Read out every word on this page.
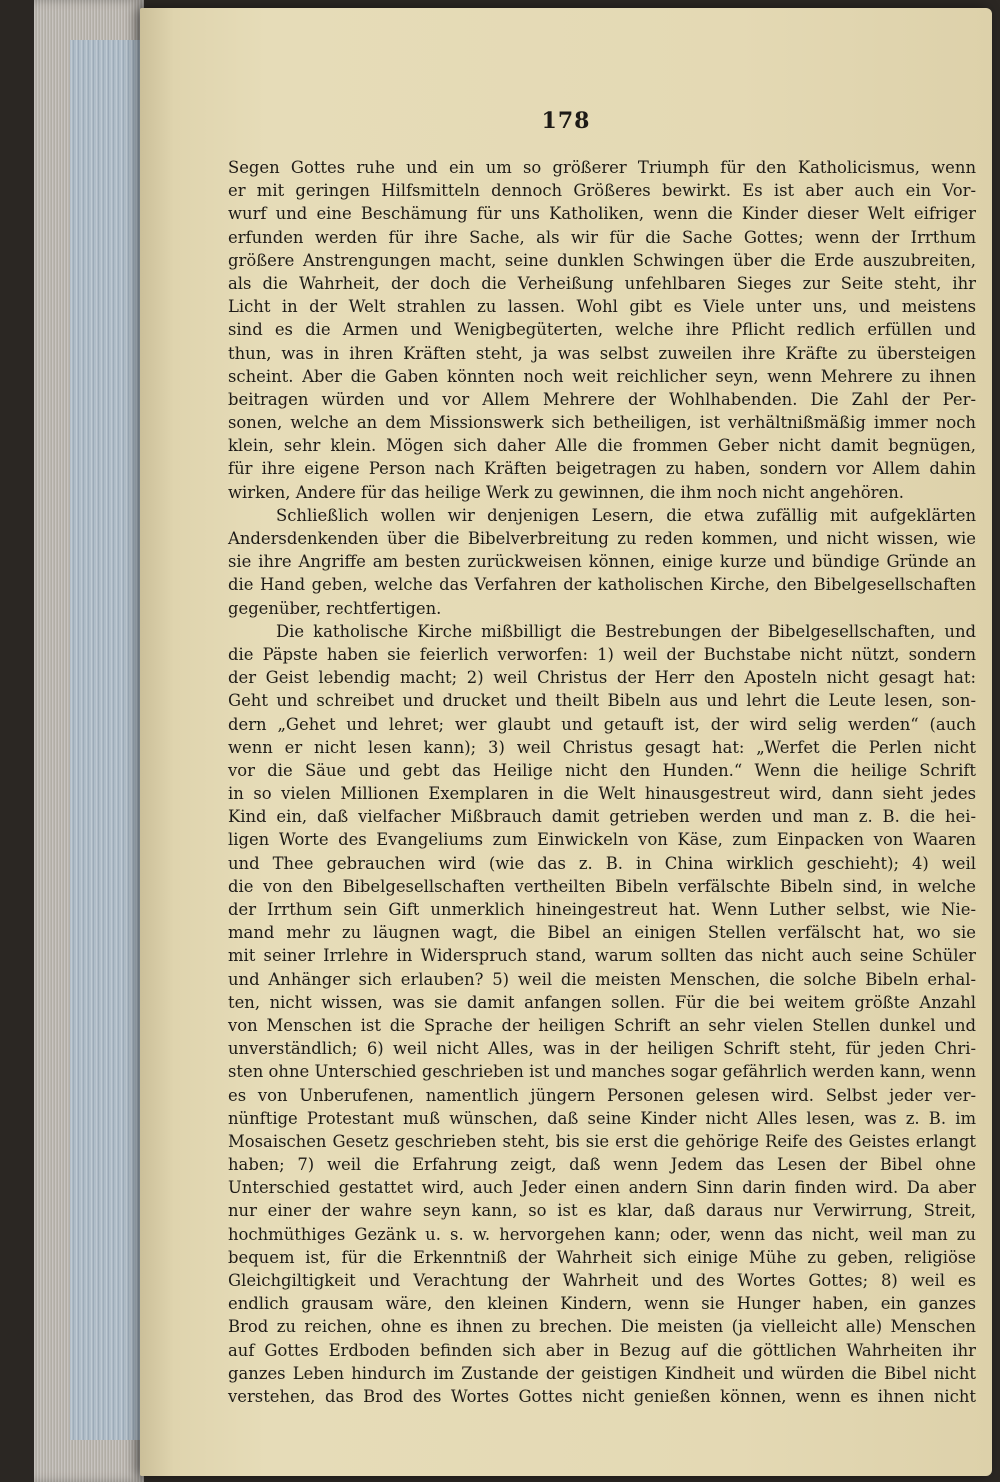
178
Segen Gottes ruhe und ein um so größerer Triumph für den Katholicismus, wenn
er mit geringen Hilfsmitteln dennoch Größeres bewirkt. Es ist aber auch ein Vor-
wurf und eine Beschämung für uns Katholiken, wenn die Kinder dieser Welt eifriger
erfunden werden für ihre Sache, als wir für die Sache Gottes; wenn der Irrthum
größere Anstrengungen macht, seine dunklen Schwingen über die Erde auszubreiten,
als die Wahrheit, der doch die Verheißung unfehlbaren Sieges zur Seite steht, ihr
Licht in der Welt strahlen zu lassen. Wohl gibt es Viele unter uns, und meistens
sind es die Armen und Wenigbegüterten, welche ihre Pflicht redlich erfüllen und
thun, was in ihren Kräften steht, ja was selbst zuweilen ihre Kräfte zu übersteigen
scheint. Aber die Gaben könnten noch weit reichlicher seyn, wenn Mehrere zu ihnen
beitragen würden und vor Allem Mehrere der Wohlhabenden. Die Zahl der Per-
sonen, welche an dem Missionswerk sich betheiligen, ist verhältnißmäßig immer noch
klein, sehr klein. Mögen sich daher Alle die frommen Geber nicht damit begnügen,
für ihre eigene Person nach Kräften beigetragen zu haben, sondern vor Allem dahin
wirken, Andere für das heilige Werk zu gewinnen, die ihm noch nicht angehören.
Schließlich wollen wir denjenigen Lesern, die etwa zufällig mit aufgeklärten
Andersdenkenden über die Bibelverbreitung zu reden kommen, und nicht wissen, wie
sie ihre Angriffe am besten zurückweisen können, einige kurze und bündige Gründe an
die Hand geben, welche das Verfahren der katholischen Kirche, den Bibelgesellschaften
gegenüber, rechtfertigen.
Die katholische Kirche mißbilligt die Bestrebungen der Bibelgesellschaften, und
die Päpste haben sie feierlich verworfen: 1) weil der Buchstabe nicht nützt, sondern
der Geist lebendig macht; 2) weil Christus der Herr den Aposteln nicht gesagt hat:
Geht und schreibet und drucket und theilt Bibeln aus und lehrt die Leute lesen, son-
dern „Gehet und lehret; wer glaubt und getauft ist, der wird selig werden“ (auch
wenn er nicht lesen kann); 3) weil Christus gesagt hat: „Werfet die Perlen nicht
vor die Säue und gebt das Heilige nicht den Hunden.“ Wenn die heilige Schrift
in so vielen Millionen Exemplaren in die Welt hinausgestreut wird, dann sieht jedes
Kind ein, daß vielfacher Mißbrauch damit getrieben werden und man z. B. die hei-
ligen Worte des Evangeliums zum Einwickeln von Käse, zum Einpacken von Waaren
und Thee gebrauchen wird (wie das z. B. in China wirklich geschieht); 4) weil
die von den Bibelgesellschaften vertheilten Bibeln verfälschte Bibeln sind, in welche
der Irrthum sein Gift unmerklich hineingestreut hat. Wenn Luther selbst, wie Nie-
mand mehr zu läugnen wagt, die Bibel an einigen Stellen verfälscht hat, wo sie
mit seiner Irrlehre in Widerspruch stand, warum sollten das nicht auch seine Schüler
und Anhänger sich erlauben? 5) weil die meisten Menschen, die solche Bibeln erhal-
ten, nicht wissen, was sie damit anfangen sollen. Für die bei weitem größte Anzahl
von Menschen ist die Sprache der heiligen Schrift an sehr vielen Stellen dunkel und
unverständlich; 6) weil nicht Alles, was in der heiligen Schrift steht, für jeden Chri-
sten ohne Unterschied geschrieben ist und manches sogar gefährlich werden kann, wenn
es von Unberufenen, namentlich jüngern Personen gelesen wird. Selbst jeder ver-
nünftige Protestant muß wünschen, daß seine Kinder nicht Alles lesen, was z. B. im
Mosaischen Gesetz geschrieben steht, bis sie erst die gehörige Reife des Geistes erlangt
haben; 7) weil die Erfahrung zeigt, daß wenn Jedem das Lesen der Bibel ohne
Unterschied gestattet wird, auch Jeder einen andern Sinn darin finden wird. Da aber
nur einer der wahre seyn kann, so ist es klar, daß daraus nur Verwirrung, Streit,
hochmüthiges Gezänk u. s. w. hervorgehen kann; oder, wenn das nicht, weil man zu
bequem ist, für die Erkenntniß der Wahrheit sich einige Mühe zu geben, religiöse
Gleichgiltigkeit und Verachtung der Wahrheit und des Wortes Gottes; 8) weil es
endlich grausam wäre, den kleinen Kindern, wenn sie Hunger haben, ein ganzes
Brod zu reichen, ohne es ihnen zu brechen. Die meisten (ja vielleicht alle) Menschen
auf Gottes Erdboden befinden sich aber in Bezug auf die göttlichen Wahrheiten ihr
ganzes Leben hindurch im Zustande der geistigen Kindheit und würden die Bibel nicht
verstehen, das Brod des Wortes Gottes nicht genießen können, wenn es ihnen nicht
